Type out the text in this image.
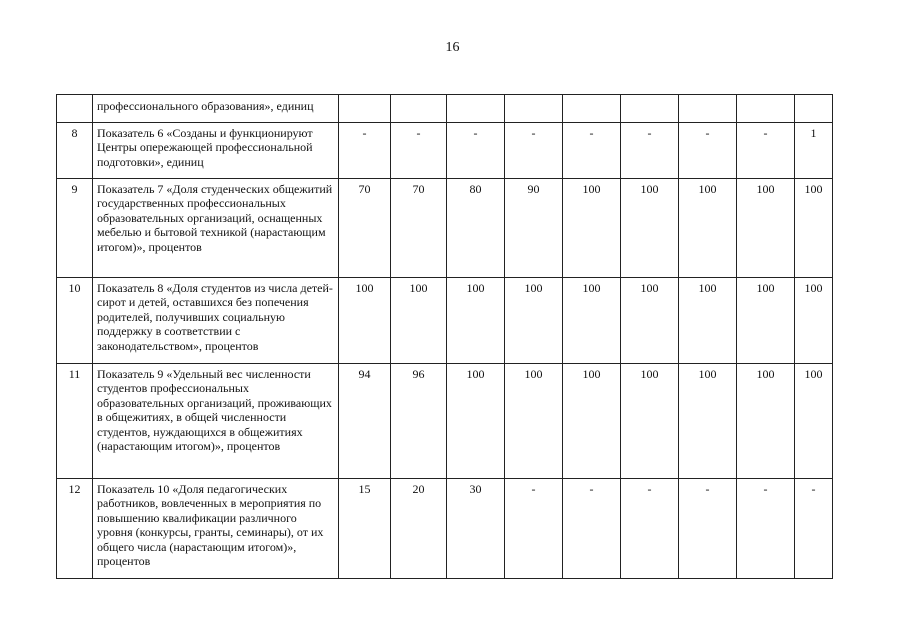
16
	профессионального образования», единиц									
8	Показатель 6 «Созданы и функционируют Центры опережающей профессиональной подготовки», единиц	-	-	-	-	-	-	-	-	1
9	Показатель 7 «Доля студенческих общежитий государственных профессиональных образовательных организаций, оснащенных мебелью и бытовой техникой (нарастающим итогом)», процентов	70	70	80	90	100	100	100	100	100
10	Показатель 8 «Доля студентов из числа детей-сирот и детей, оставшихся без попечения родителей, получивших социальную поддержку в соответствии с законодательством», процентов	100	100	100	100	100	100	100	100	100
11	Показатель 9 «Удельный вес численности студентов профессиональных образовательных организаций, проживающих в общежитиях, в общей численности студентов, нуждающихся в общежитиях (нарастающим итогом)», процентов	94	96	100	100	100	100	100	100	100
12	Показатель 10 «Доля педагогических работников, вовлеченных в мероприятия по повышению квалификации различного уровня (конкурсы, гранты, семинары), от их общего числа (нарастающим итогом)», процентов	15	20	30	-	-	-	-	-	-
